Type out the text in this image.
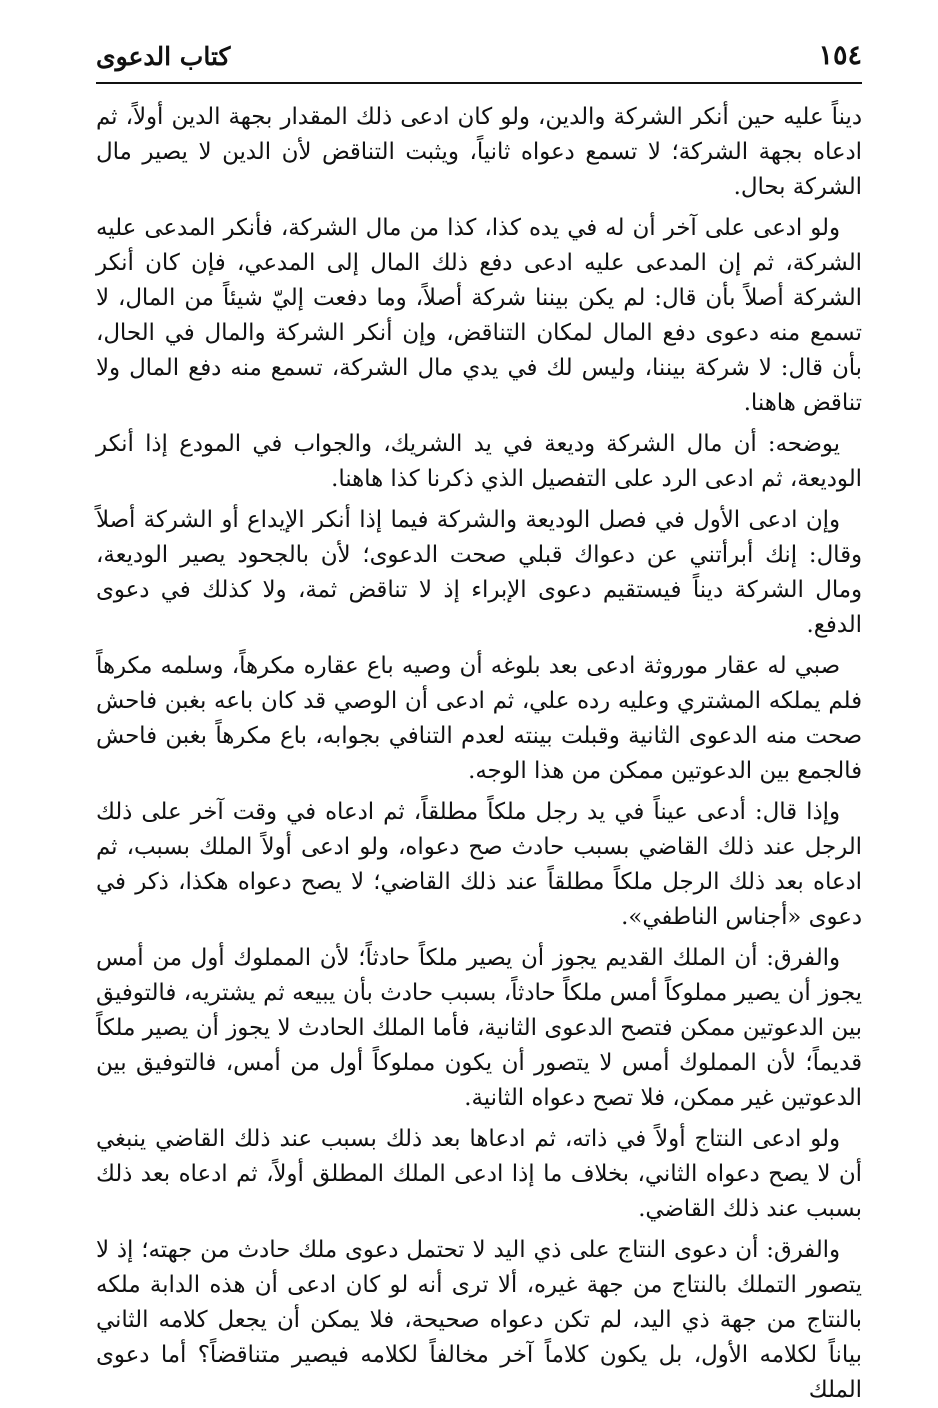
كتاب الدعوى	١٥٤

ديناً عليه حين أنكر الشركة والدين، ولو كان ادعى ذلك المقدار بجهة الدين أولاً، ثم ادعاه بجهة الشركة؛ لا تسمع دعواه ثانياً، ويثبت التناقض لأن الدين لا يصير مال الشركة بحال.

ولو ادعى على آخر أن له في يده كذا، كذا من مال الشركة، فأنكر المدعى عليه الشركة، ثم إن المدعى عليه ادعى دفع ذلك المال إلى المدعي، فإن كان أنكر الشركة أصلاً بأن قال: لم يكن بيننا شركة أصلاً، وما دفعت إليّ شيئاً من المال، لا تسمع منه دعوى دفع المال لمكان التناقض، وإن أنكر الشركة والمال في الحال، بأن قال: لا شركة بيننا، وليس لك في يدي مال الشركة، تسمع منه دفع المال ولا تناقض هاهنا.

يوضحه: أن مال الشركة وديعة في يد الشريك، والجواب في المودع إذا أنكر الوديعة، ثم ادعى الرد على التفصيل الذي ذكرنا كذا هاهنا.

وإن ادعى الأول في فصل الوديعة والشركة فيما إذا أنكر الإيداع أو الشركة أصلاً وقال: إنك أبرأتني عن دعواك قبلي صحت الدعوى؛ لأن بالجحود يصير الوديعة، ومال الشركة ديناً فيستقيم دعوى الإبراء إذ لا تناقض ثمة، ولا كذلك في دعوى الدفع.

صبي له عقار موروثة ادعى بعد بلوغه أن وصيه باع عقاره مكرهاً، وسلمه مكرهاً فلم يملكه المشتري وعليه رده علي، ثم ادعى أن الوصي قد كان باعه بغبن فاحش صحت منه الدعوى الثانية وقبلت بينته لعدم التنافي بجوابه، باع مكرهاً بغبن فاحش فالجمع بين الدعوتين ممكن من هذا الوجه.

وإذا قال: أدعى عيناً في يد رجل ملكاً مطلقاً، ثم ادعاه في وقت آخر على ذلك الرجل عند ذلك القاضي بسبب حادث صح دعواه، ولو ادعى أولاً الملك بسبب، ثم ادعاه بعد ذلك الرجل ملكاً مطلقاً عند ذلك القاضي؛ لا يصح دعواه هكذا، ذكر في دعوى «أجناس الناطفي».

والفرق: أن الملك القديم يجوز أن يصير ملكاً حادثاً؛ لأن المملوك أول من أمس يجوز أن يصير مملوكاً أمس ملكاً حادثاً، بسبب حادث بأن يبيعه ثم يشتريه، فالتوفيق بين الدعوتين ممكن فتصح الدعوى الثانية، فأما الملك الحادث لا يجوز أن يصير ملكاً قديماً؛ لأن المملوك أمس لا يتصور أن يكون مملوكاً أول من أمس، فالتوفيق بين الدعوتين غير ممكن، فلا تصح دعواه الثانية.

ولو ادعى النتاج أولاً في ذاته، ثم ادعاها بعد ذلك بسبب عند ذلك القاضي ينبغي أن لا يصح دعواه الثاني، بخلاف ما إذا ادعى الملك المطلق أولاً، ثم ادعاه بعد ذلك بسبب عند ذلك القاضي.

والفرق: أن دعوى النتاج على ذي اليد لا تحتمل دعوى ملك حادث من جهته؛ إذ لا يتصور التملك بالنتاج من جهة غيره، ألا ترى أنه لو كان ادعى أن هذه الدابة ملكه بالنتاج من جهة ذي اليد، لم تكن دعواه صحيحة، فلا يمكن أن يجعل كلامه الثاني بياناً لكلامه الأول، بل يكون كلاماً آخر مخالفاً لكلامه فيصير متناقضاً؟ أما دعوى الملك
